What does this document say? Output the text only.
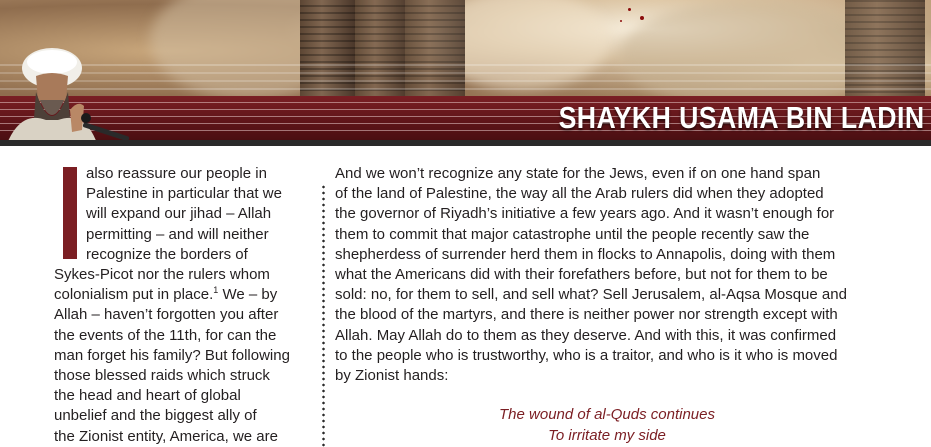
SHAYKH USAMA BIN LADIN
also reassure our people in
Palestine in particular that we
will expand our jihad – Allah
permitting – and will neither
recognize the borders of
Sykes-Picot nor the rulers whom
colonialism put in place.$^1$ We – by
Allah – haven’t forgotten you after
the events of the 11th, for can the
man forget his family? But following
those blessed raids which struck
the head and heart of global
unbelief and the biggest ally of
the Zionist entity, America, we are
And we won’t recognize any state for the Jews, even if on one hand span
of the land of Palestine, the way all the Arab rulers did when they adopted
the governor of Riyadh’s initiative a few years ago. And it wasn’t enough for
them to commit that major catastrophe until the people recently saw the
shepherdess of surrender herd them in flocks to Annapolis, doing with them
what the Americans did with their forefathers before, but not for them to be
sold: no, for them to sell, and sell what? Sell Jerusalem, al-Aqsa Mosque and
the blood of the martyrs, and there is neither power nor strength except with
Allah. May Allah do to them as they deserve. And with this, it was confirmed
to the people who is trustworthy, who is a traitor, and who is it who is moved
by Zionist hands:
The wound of al-Quds continues
To irritate my side
